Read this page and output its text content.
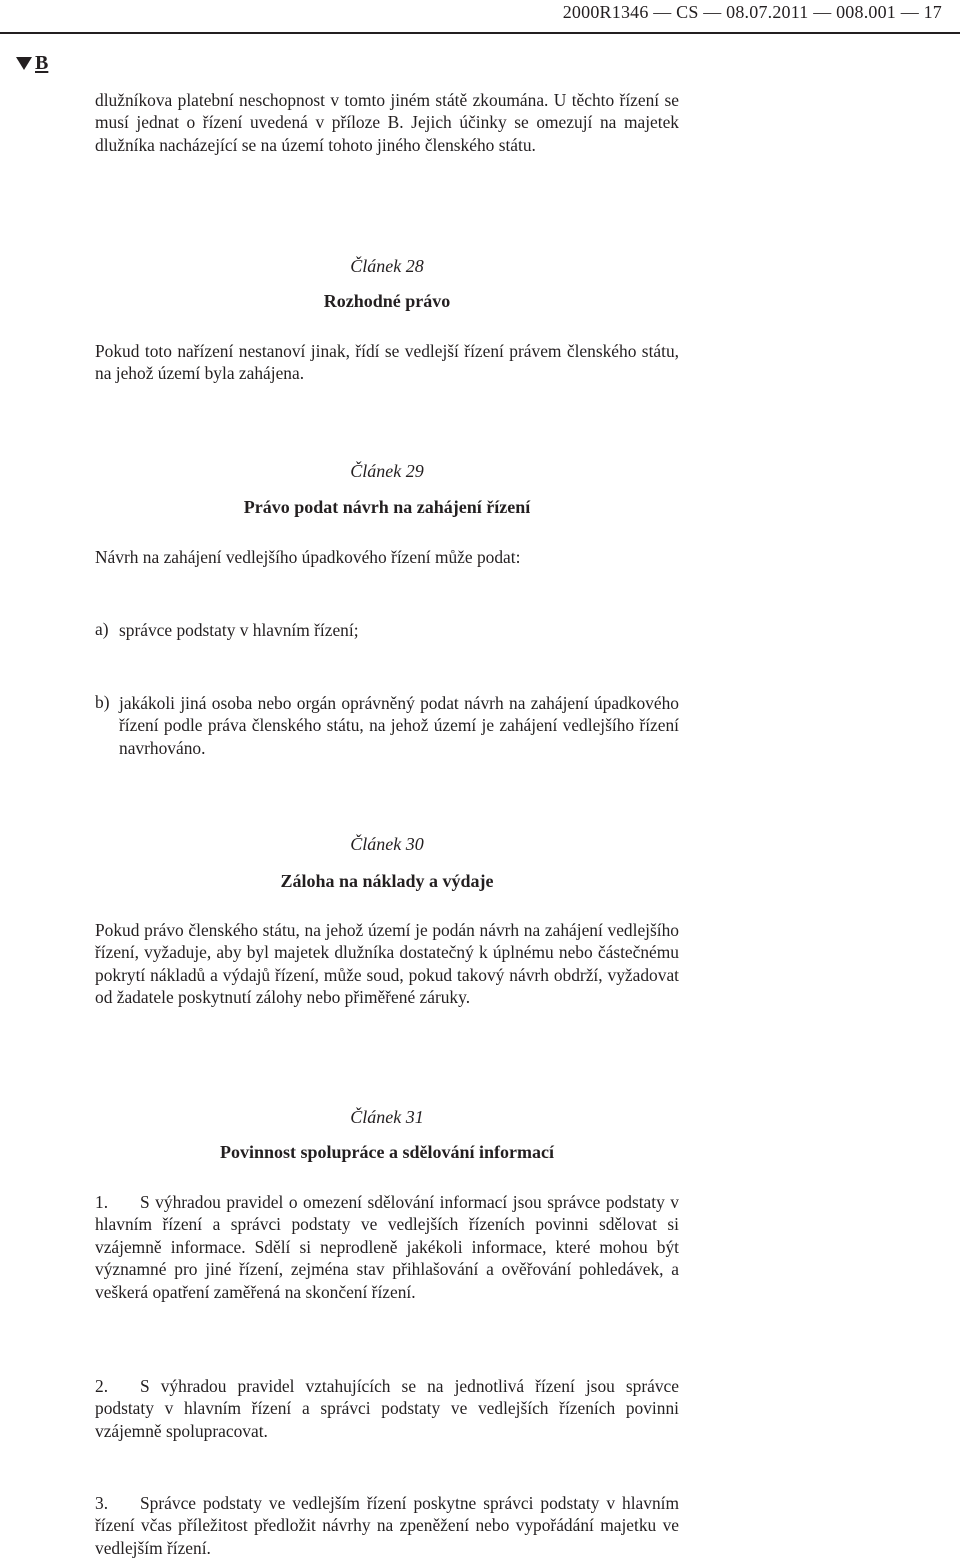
2000R1346 — CS — 08.07.2011 — 008.001 — 17
B

dlužníkova platební neschopnost v tomto jiném státě zkoumána. U těchto řízení se musí jednat o řízení uvedená v příloze B. Jejich účinky se omezují na majetek dlužníka nacházející se na území tohoto jiného členského státu.

Článek 28
Rozhodné právo

Pokud toto nařízení nestanoví jinak, řídí se vedlejší řízení právem členského státu, na jehož území byla zahájena.

Článek 29
Právo podat návrh na zahájení řízení

Návrh na zahájení vedlejšího úpadkového řízení může podat:

a) správce podstaty v hlavním řízení;
b) jakákoli jiná osoba nebo orgán oprávněný podat návrh na zahájení úpadkového řízení podle práva členského státu, na jehož území je zahájení vedlejšího řízení navrhováno.
Článek 30
Záloha na náklady a výdaje

Pokud právo členského státu, na jehož území je podán návrh na zahájení vedlejšího řízení, vyžaduje, aby byl majetek dlužníka dostatečný k úplnému nebo částečnému pokrytí nákladů a výdajů řízení, může soud, pokud takový návrh obdrží, vyžadovat od žadatele poskytnutí zálohy nebo přiměřené záruky.

Článek 31
Povinnost spolupráce a sdělování informací

1. S výhradou pravidel o omezení sdělování informací jsou správce podstaty v hlavním řízení a správci podstaty ve vedlejších řízeních povinni sdělovat si vzájemně informace. Sdělí si neprodleně jakékoli informace, které mohou být významné pro jiné řízení, zejména stav přihlašování a ověřování pohledávek, a veškerá opatření zaměřená na skončení řízení.

2. S výhradou pravidel vztahujících se na jednotlivá řízení jsou správce podstaty v hlavním řízení a správci podstaty ve vedlejších řízeních povinni vzájemně spolupracovat.

3. Správce podstaty ve vedlejším řízení poskytne správci podstaty v hlavním řízení včas příležitost předložit návrhy na zpeněžení nebo vypořádání majetku ve vedlejším řízení.
